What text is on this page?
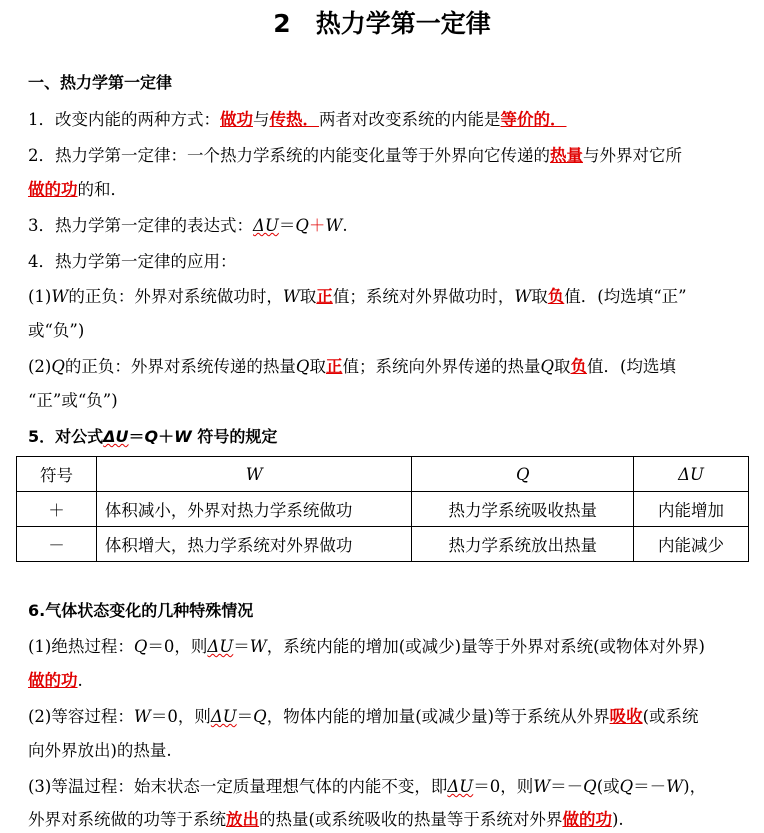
2　热力学第一定律
一、热力学第一定律
1．改变内能的两种方式：做功与传热．两者对改变系统的内能是等价的．
2．热力学第一定律：一个热力学系统的内能变化量等于外界向它传递的热量与外界对它所
做的功的和．
3．热力学第一定律的表达式：ΔU＝Q＋W.
4．热力学第一定律的应用：
(1)W的正负：外界对系统做功时，W取正值；系统对外界做功时，W取负值．(均选填“正”
或“负”)
(2)Q的正负：外界对系统传递的热量Q取正值；系统向外界传递的热量Q取负值．(均选填
“正”或“负”)
5．对公式ΔU＝Q＋W 符号的规定
符号	W	Q	ΔU
＋	体积减小，外界对热力学系统做功	热力学系统吸收热量	内能增加
－	体积增大，热力学系统对外界做功	热力学系统放出热量	内能减少
6.气体状态变化的几种特殊情况
(1)绝热过程：Q＝0，则ΔU＝W，系统内能的增加(或减少)量等于外界对系统(或物体对外界)
做的功.
(2)等容过程：W＝0，则ΔU＝Q，物体内能的增加量(或减少量)等于系统从外界吸收(或系统
向外界放出)的热量.
(3)等温过程：始末状态一定质量理想气体的内能不变，即ΔU＝0，则W＝－Q(或Q＝－W)，
外界对系统做的功等于系统放出的热量(或系统吸收的热量等于系统对外界做的功).
